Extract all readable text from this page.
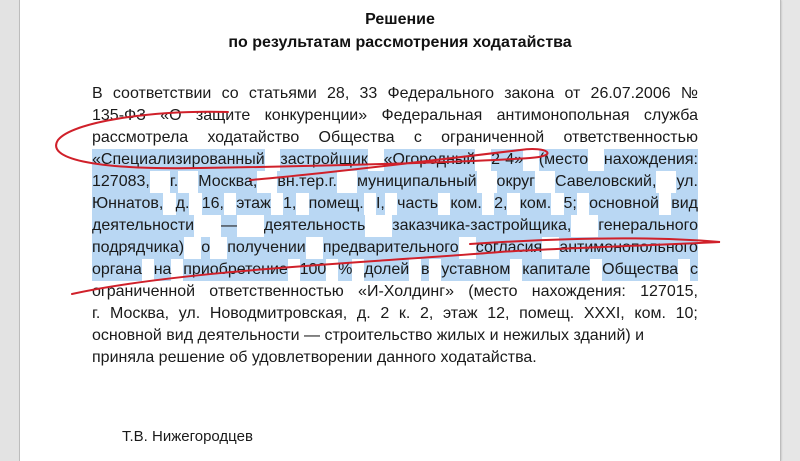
Решение
по результатам рассмотрения ходатайства
В соответствии со статьями 28, 33 Федерального закона от 26.07.2006 №
135-ФЗ «О защите конкуренции» Федеральная антимонопольная служба
рассмотрела ходатайство Общества с ограниченной ответственностью
«Специализированный застройщик «Огородный 2-4» (место нахождения:
127083, г. Москва, вн.тер.г. муниципальный округ Савеловский, ул.
Юннатов, д. 16, этаж 1, помещ. I, часть ком. 2, ком. 5; основной вид
деятельности — деятельность заказчика-застройщика, генерального
подрядчика) о получении предварительного согласия антимонопольного
органа на приобретение 100 % долей в уставном капитале Общества с
ограниченной ответственностью «И-Холдинг» (место нахождения: 127015,
г. Москва, ул. Новодмитровская, д. 2 к. 2, этаж 12, помещ. XXXI, ком. 10;
основной вид деятельности — строительство жилых и нежилых зданий) и
приняла решение об удовлетворении данного ходатайства.
Т.В. Нижегородцев
